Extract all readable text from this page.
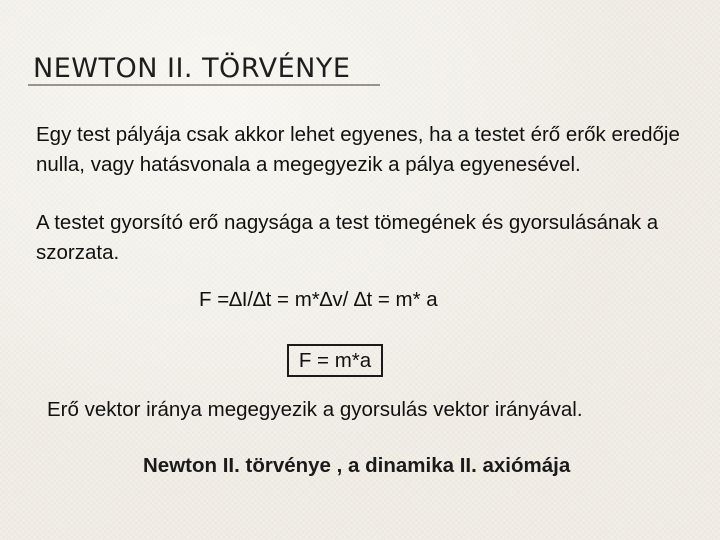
NEWTON II. TÖRVÉNYE
Egy test pályája csak akkor lehet egyenes, ha a testet érő erők eredője nulla, vagy hatásvonala a megegyezik a pálya egyenesével.
A testet gyorsító erő nagysága a test tömegének és gyorsulásának a szorzata.
F =∆I/∆t = m*∆v/ ∆t = m* a
F = m*a
Erő vektor iránya megegyezik a gyorsulás vektor irányával.
Newton II. törvénye , a dinamika II. axiómája
